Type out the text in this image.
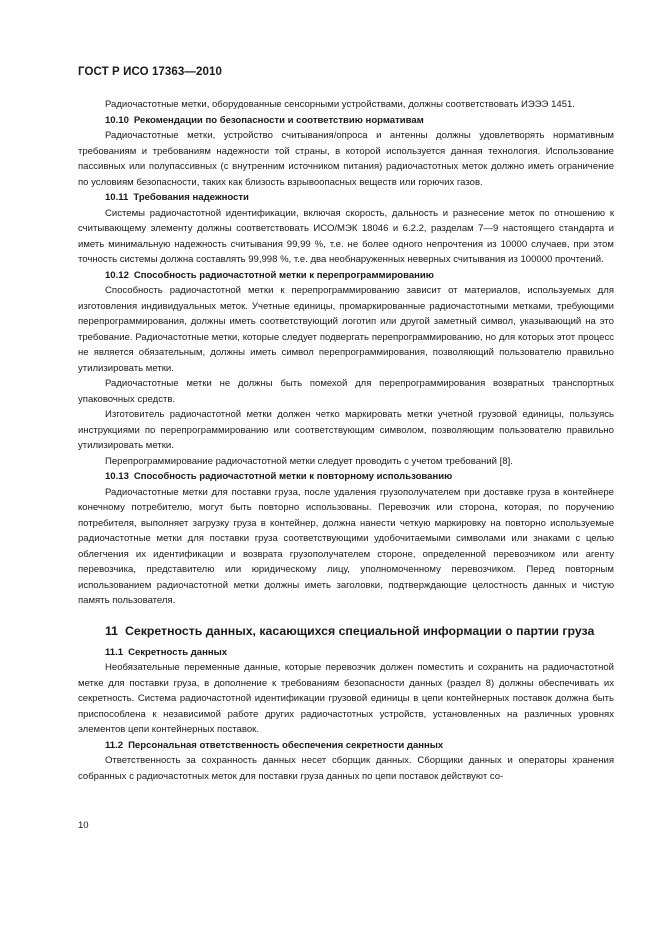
ГОСТ Р ИСО 17363—2010

Радиочастотные метки, оборудованные сенсорными устройствами, должны соответствовать ИЭЭЭ 1451.

10.10 Рекомендации по безопасности и соответствию нормативам

Радиочастотные метки, устройство считывания/опроса и антенны должны удовлетворять нормативным требованиям и требованиям надежности той страны, в которой используется данная технология. Использование пассивных или полупассивных (с внутренним источником питания) радиочастотных меток должно иметь ограничение по условиям безопасности, таких как близость взрывоопасных веществ или горючих газов.

10.11 Требования надежности

Системы радиочастотной идентификации, включая скорость, дальность и разнесение меток по отношению к считывающему элементу должны соответствовать ИСО/МЭК 18046 и 6.2.2, разделам 7—9 настоящего стандарта и иметь минимальную надежность считывания 99,99 %, т.е. не более одного непрочтения из 10000 случаев, при этом точность системы должна составлять 99,998 %, т.е. два необнаруженных неверных считывания из 100000 прочтений.

10.12 Способность радиочастотной метки к перепрограммированию

Способность радиочастотной метки к перепрограммированию зависит от материалов, используемых для изготовления индивидуальных меток. Учетные единицы, промаркированные радиочастотными метками, требующими перепрограммирования, должны иметь соответствующий логотип или другой заметный символ, указывающий на это требование. Радиочастотные метки, которые следует подвергать перепрограммированию, но для которых этот процесс не является обязательным, должны иметь символ перепрограммирования, позволяющий пользователю правильно утилизировать метки.

Радиочастотные метки не должны быть помехой для перепрограммирования возвратных транспортных упаковочных средств.

Изготовитель радиочастотной метки должен четко маркировать метки учетной грузовой единицы, пользуясь инструкциями по перепрограммированию или соответствующим символом, позволяющим пользователю правильно утилизировать метки.

Перепрограммирование радиочастотной метки следует проводить с учетом требований [8].

10.13 Способность радиочастотной метки к повторному использованию

Радиочастотные метки для поставки груза, после удаления грузополучателем при доставке груза в контейнере конечному потребителю, могут быть повторно использованы. Перевозчик или сторона, которая, по поручению потребителя, выполняет загрузку груза в контейнер, должна нанести четкую маркировку на повторно используемые радиочастотные метки для поставки груза соответствующими удобочитаемыми символами или знаками с целью облегчения их идентификации и возврата грузополучателем стороне, определенной перевозчиком или агенту перевозчика, представителю или юридическому лицу, уполномоченному перевозчиком. Перед повторным использованием радиочастотной метки должны иметь заголовки, подтверждающие целостность данных и чистую память пользователя.

11 Секретность данных, касающихся специальной информации о партии груза
11.1 Секретность данных

Необязательные переменные данные, которые перевозчик должен поместить и сохранить на радиочастотной метке для поставки груза, в дополнение к требованиям безопасности данных (раздел 8) должны обеспечивать их секретность. Система радиочастотной идентификации грузовой единицы в цепи контейнерных поставок должна быть приспособлена к независимой работе других радиочастотных устройств, установленных на различных уровнях элементов цепи контейнерных поставок.

11.2 Персональная ответственность обеспечения секретности данных

Ответственность за сохранность данных несет сборщик данных. Сборщики данных и операторы хранения собранных с радиочастотных меток для поставки груза данных по цепи поставок действуют со-

10
